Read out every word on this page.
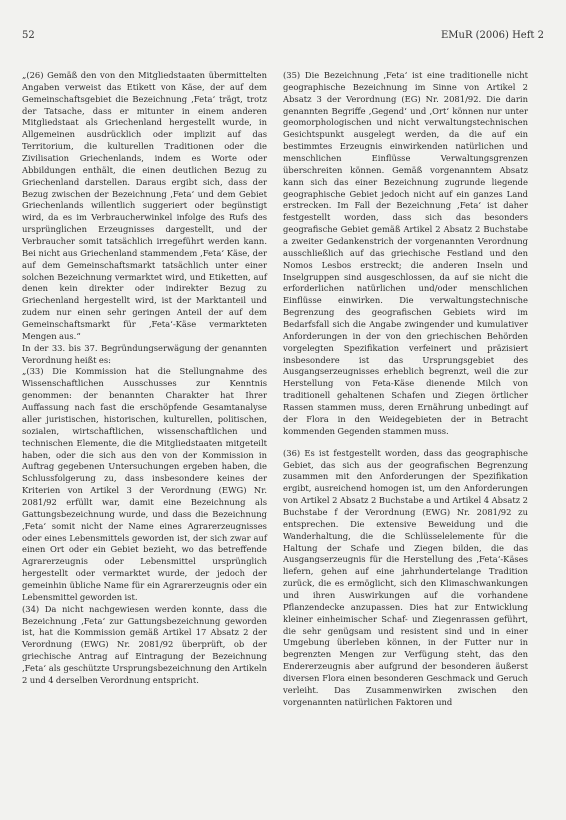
52	EMuR (2006) Heft 2

„(26) Gemäß den von den Mitgliedstaaten übermittelten Angaben verweist das Etikett von Käse, der auf dem Gemeinschaftsgebiet die Bezeichnung ‚Feta‘ trägt, trotz der Tatsache, dass er mitunter in einem anderen Mitgliedstaat als Griechenland hergestellt wurde, in Allgemeinen ausdrücklich oder implizit auf das Territorium, die kulturellen Traditionen oder die Zivilisation Griechenlands, indem es Worte oder Abbildungen enthält, die einen deutlichen Bezug zu Griechenland darstellen. Daraus ergibt sich, dass der Bezug zwischen der Bezeichnung ‚Feta‘ und dem Gebiet Griechenlands willentlich suggeriert oder begünstigt wird, da es im Verbraucherwinkel infolge des Rufs des ursprünglichen Erzeugnisses dargestellt, und der Verbraucher somit tatsächlich irregeführt werden kann. Bei nicht aus Griechenland stammendem ‚Feta‘ Käse, der auf dem Gemeinschaftsmarkt tatsächlich unter einer solchen Bezeichnung vermarktet wird, und Etiketten, auf denen kein direkter oder indirekter Bezug zu Griechenland hergestellt wird, ist der Marktanteil und zudem nur einen sehr geringen Anteil der auf dem Gemeinschaftsmarkt für ‚Feta‘-Käse vermarkteten Mengen aus.“

In der 33. bis 37. Begründungserwägung der genannten Verordnung heißt es:

„(33) Die Kommission hat die Stellungnahme des Wissenschaftlichen Ausschusses zur Kenntnis genommen: der benannten Charakter hat Ihrer Auffassung nach fast die erschöpfende Gesamtanalyse aller juristischen, historischen, kulturellen, politischen, sozialen, wirtschaftlichen, wissenschaftlichen und technischen Elemente, die die Mitgliedstaaten mitgeteilt haben, oder die sich aus den von der Kommission in Auftrag gegebenen Untersuchungen ergeben haben, die Schlussfolgerung zu, dass insbesondere keines der Kriterien von Artikel 3 der Verordnung (EWG) Nr. 2081/92 erfüllt war, damit eine Bezeichnung als Gattungsbezeichnung wurde, und dass die Bezeichnung ‚Feta‘ somit nicht der Name eines Agrarerzeugnisses oder eines Lebensmittels geworden ist, der sich zwar auf einen Ort oder ein Gebiet bezieht, wo das betreffende Agrarerzeugnis oder Lebensmittel ursprünglich hergestellt oder vermarktet wurde, der jedoch der gemeinhin übliche Name für ein Agrarerzeugnis oder ein Lebensmittel geworden ist.

(34) Da nicht nachgewiesen werden konnte, dass die Bezeichnung ‚Feta‘ zur Gattungsbezeichnung geworden ist, hat die Kommission gemäß Artikel 17 Absatz 2 der Verordnung (EWG) Nr. 2081/92 überprüft, ob der griechische Antrag auf Eintragung der Bezeichnung ‚Feta‘ als geschützte Ursprungsbezeichnung den Artikeln 2 und 4 derselben Verordnung entspricht.

(35) Die Bezeichnung ‚Feta‘ ist eine traditionelle nicht geographische Bezeichnung im Sinne von Artikel 2 Absatz 3 der Verordnung (EG) Nr. 2081/92. Die darin genannten Begriffe ‚Gegend‘ und ‚Ort‘ können nur unter geomorphologischen und nicht verwaltungstechnischen Gesichtspunkt ausgelegt werden, da die auf ein bestimmtes Erzeugnis einwirkenden natürlichen und menschlichen Einflüsse Verwaltungsgrenzen überschreiten können. Gemäß vorgenanntem Absatz kann sich das einer Bezeichnung zugrunde liegende geographische Gebiet jedoch nicht auf ein ganzes Land erstrecken. Im Fall der Bezeichnung ‚Feta‘ ist daher festgestellt worden, dass sich das besonders geografische Gebiet gemäß Artikel 2 Absatz 2 Buchstabe a zweiter Gedankenstrich der vorgenannten Verordnung ausschließlich auf das griechische Festland und den Nomos Lesbos erstreckt; die anderen Inseln und Inselgruppen sind ausgeschlossen, da auf sie nicht die erforderlichen natürlichen und/oder menschlichen Einflüsse einwirken. Die verwaltungstechnische Begrenzung des geografischen Gebiets wird im Bedarfsfall sich die Angabe zwingender und kumulativer Anforderungen in der von den griechischen Behörden vorgelegten Spezifikation verfeinert und präzisiert insbesondere ist das Ursprungsgebiet des Ausgangserzeugnisses erheblich begrenzt, weil die zur Herstellung von Feta-Käse dienende Milch von traditionell gehaltenen Schafen und Ziegen örtlicher Rassen stammen muss, deren Ernährung unbedingt auf der Flora in den Weidegebieten der in Betracht kommenden Gegenden stammen muss.

(36) Es ist festgestellt worden, dass das geographische Gebiet, das sich aus der geografischen Begrenzung zusammen mit den Anforderungen der Spezifikation ergibt, ausreichend homogen ist, um den Anforderungen von Artikel 2 Absatz 2 Buchstabe a und Artikel 4 Absatz 2 Buchstabe f der Verordnung (EWG) Nr. 2081/92 zu entsprechen. Die extensive Beweidung und die Wanderhaltung, die die Schlüsselelemente für die Haltung der Schafe und Ziegen bilden, die das Ausgangserzeugnis für die Herstellung des ‚Feta‘-Käses liefern, gehen auf eine jahrhundertelange Tradition zurück, die es ermöglicht, sich den Klimaschwankungen und ihren Auswirkungen auf die vorhandene Pflanzendecke anzupassen. Dies hat zur Entwicklung kleiner einheimischer Schaf- und Ziegenrassen geführt, die sehr genügsam und resistent sind und in einer Umgebung überleben können, in der Futter nur in begrenzten Mengen zur Verfügung steht, das den Endererzeugnis aber aufgrund der besonderen äußerst diversen Flora einen besonderen Geschmack und Geruch verleiht. Das Zusammenwirken zwischen den vorgenannten natürlichen Faktoren und
